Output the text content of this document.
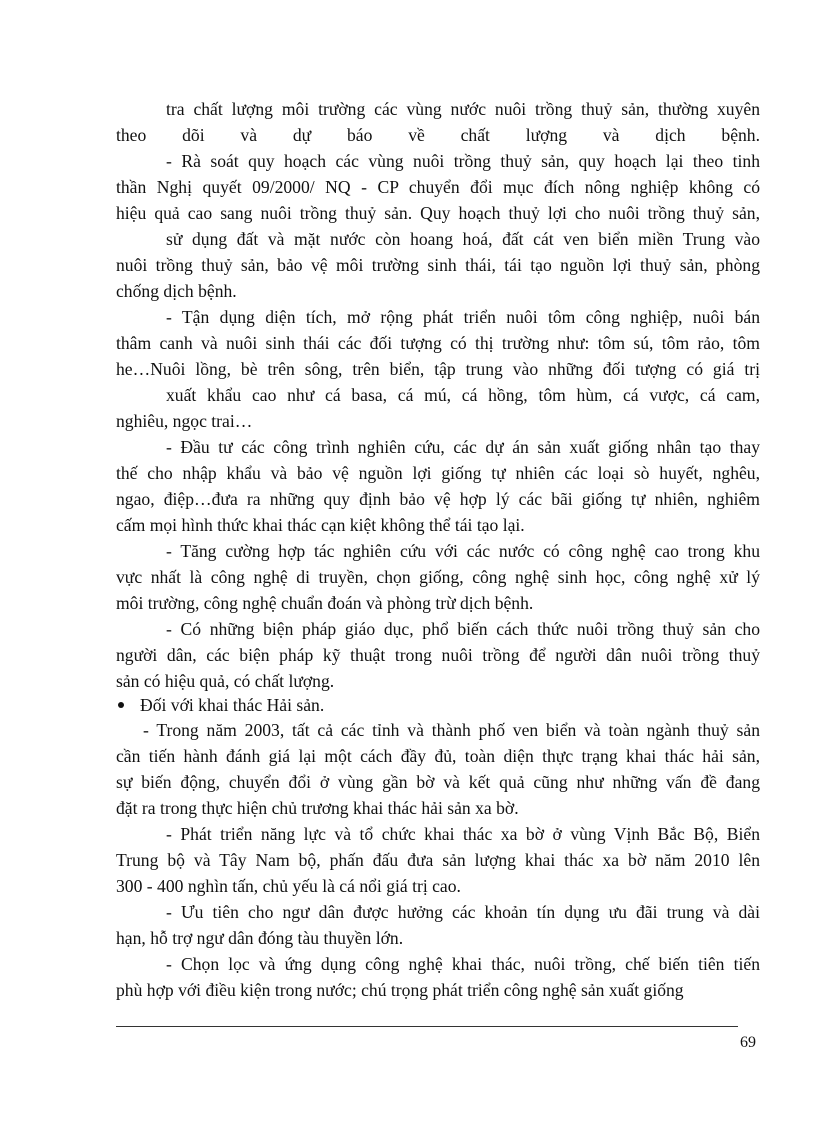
tra chất lượng môi trường các vùng nước nuôi trồng thuỷ sản, thường xuyên
theo dõi và dự báo về chất lượng và dịch bệnh.
- Rà soát quy hoạch các vùng nuôi trồng thuỷ sản, quy hoạch lại theo tinh
thần Nghị quyết 09/2000/ NQ - CP chuyển đổi mục đích nông nghiệp không có
hiệu quả cao sang nuôi trồng thuỷ sản. Quy hoạch thuỷ lợi cho nuôi trồng thuỷ sản,
sử dụng đất và mặt nước còn hoang hoá, đất cát ven biển miền Trung vào
nuôi trồng thuỷ sản, bảo vệ môi trường sinh thái, tái tạo nguồn lợi thuỷ sản, phòng
chống dịch bệnh.
- Tận dụng diện tích, mở rộng phát triển nuôi tôm công nghiệp, nuôi bán
thâm canh và nuôi sinh thái các đối tượng có thị trường như: tôm sú, tôm rảo, tôm
he…Nuôi lồng, bè trên sông, trên biển, tập trung vào những đối tượng có giá trị
xuất khẩu cao như cá basa, cá mú, cá hồng, tôm hùm, cá vược, cá cam,
nghiêu, ngọc trai…
- Đầu tư các công trình nghiên cứu, các dự án sản xuất giống nhân tạo thay
thế cho nhập khẩu và bảo vệ nguồn lợi giống tự nhiên các loại sò huyết, nghêu,
ngao, điệp…đưa ra những quy định bảo vệ hợp lý các bãi giống tự nhiên, nghiêm
cấm mọi hình thức khai thác cạn kiệt không thể tái tạo lại.
- Tăng cường hợp tác nghiên cứu với các nước có công nghệ cao trong khu
vực nhất là công nghệ di truyền, chọn giống, công nghệ sinh học, công nghệ xử lý
môi trường, công nghệ chuẩn đoán và phòng trừ dịch bệnh.
- Có những biện pháp giáo dục, phổ biến cách thức nuôi trồng thuỷ sản cho
người dân, các biện pháp kỹ thuật trong nuôi trồng để người dân nuôi trồng thuỷ
sản có hiệu quả, có chất lượng.
Đối với khai thác Hải sản.
- Trong năm 2003, tất cả các tỉnh và thành phố ven biển và toàn ngành thuỷ sản
cần tiến hành đánh giá lại một cách đầy đủ, toàn diện thực trạng khai thác hải sản,
sự biến động, chuyển đổi ở vùng gần bờ và kết quả cũng như những vấn đề đang
đặt ra trong thực hiện chủ trương khai thác hải sản xa bờ.
- Phát triển năng lực và tổ chức khai thác xa bờ ở vùng Vịnh Bắc Bộ, Biển
Trung bộ và Tây Nam bộ, phấn đấu đưa sản lượng khai thác xa bờ năm 2010 lên
300 - 400 nghìn tấn, chủ yếu là cá nổi giá trị cao.
- Ưu tiên cho ngư dân được hưởng các khoản tín dụng ưu đãi trung và dài
hạn, hỗ trợ ngư dân đóng tàu thuyền lớn.
- Chọn lọc và ứng dụng công nghệ khai thác, nuôi trồng, chế biến tiên tiến
phù hợp với điều kiện trong nước; chú trọng phát triển công nghệ sản xuất giống
69
